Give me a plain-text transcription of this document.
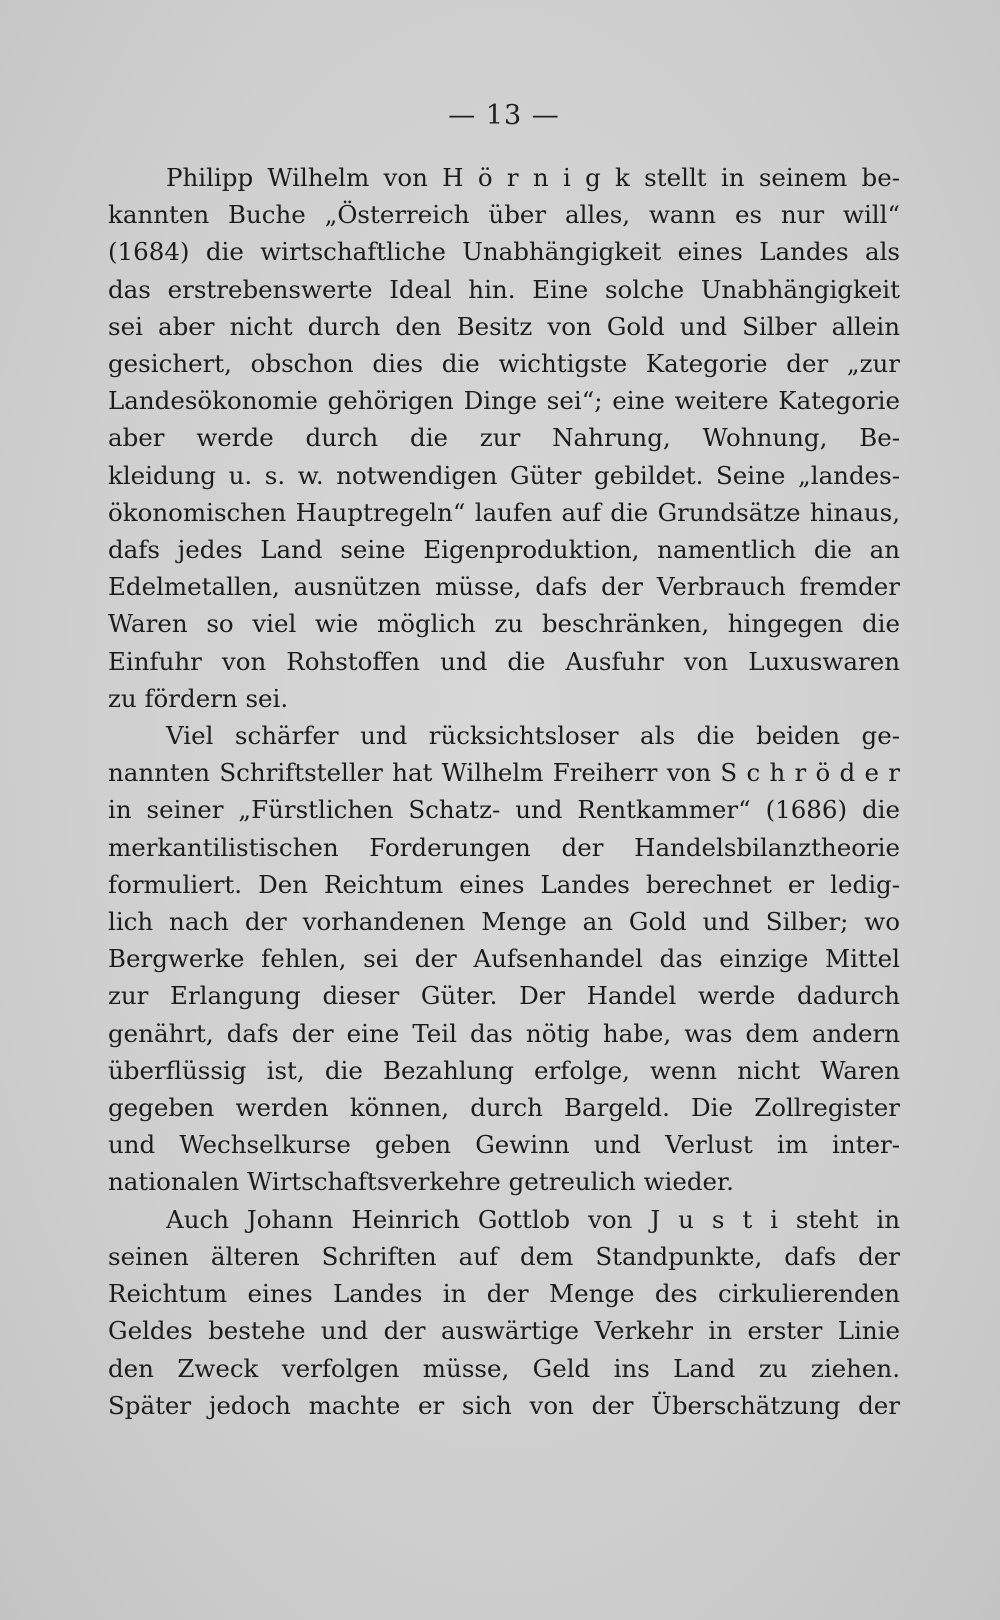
— 13 —
Philipp Wilhelm von H ö r n i g k stellt in seinem be-
kannten Buche „Österreich über alles, wann es nur will“
(1684) die wirtschaftliche Unabhängigkeit eines Landes als
das erstrebenswerte Ideal hin. Eine solche Unabhängigkeit
sei aber nicht durch den Besitz von Gold und Silber allein
gesichert, obschon dies die wichtigste Kategorie der „zur
Landesökonomie gehörigen Dinge sei“; eine weitere Kategorie
aber werde durch die zur Nahrung, Wohnung, Be-
kleidung u. s. w. notwendigen Güter gebildet. Seine „landes-
ökonomischen Hauptregeln“ laufen auf die Grundsätze hinaus,
dafs jedes Land seine Eigenproduktion, namentlich die an
Edelmetallen, ausnützen müsse, dafs der Verbrauch fremder
Waren so viel wie möglich zu beschränken, hingegen die
Einfuhr von Rohstoffen und die Ausfuhr von Luxuswaren
zu fördern sei.
Viel schärfer und rücksichtsloser als die beiden ge-
nannten Schriftsteller hat Wilhelm Freiherr von S c h r ö d e r
in seiner „Fürstlichen Schatz- und Rentkammer“ (1686) die
merkantilistischen Forderungen der Handelsbilanztheorie
formuliert. Den Reichtum eines Landes berechnet er ledig-
lich nach der vorhandenen Menge an Gold und Silber; wo
Bergwerke fehlen, sei der Aufsenhandel das einzige Mittel
zur Erlangung dieser Güter. Der Handel werde dadurch
genährt, dafs der eine Teil das nötig habe, was dem andern
überflüssig ist, die Bezahlung erfolge, wenn nicht Waren
gegeben werden können, durch Bargeld. Die Zollregister
und Wechselkurse geben Gewinn und Verlust im inter-
nationalen Wirtschaftsverkehre getreulich wieder.
Auch Johann Heinrich Gottlob von J u s t i steht in
seinen älteren Schriften auf dem Standpunkte, dafs der
Reichtum eines Landes in der Menge des cirkulierenden
Geldes bestehe und der auswärtige Verkehr in erster Linie
den Zweck verfolgen müsse, Geld ins Land zu ziehen.
Später jedoch machte er sich von der Überschätzung der
